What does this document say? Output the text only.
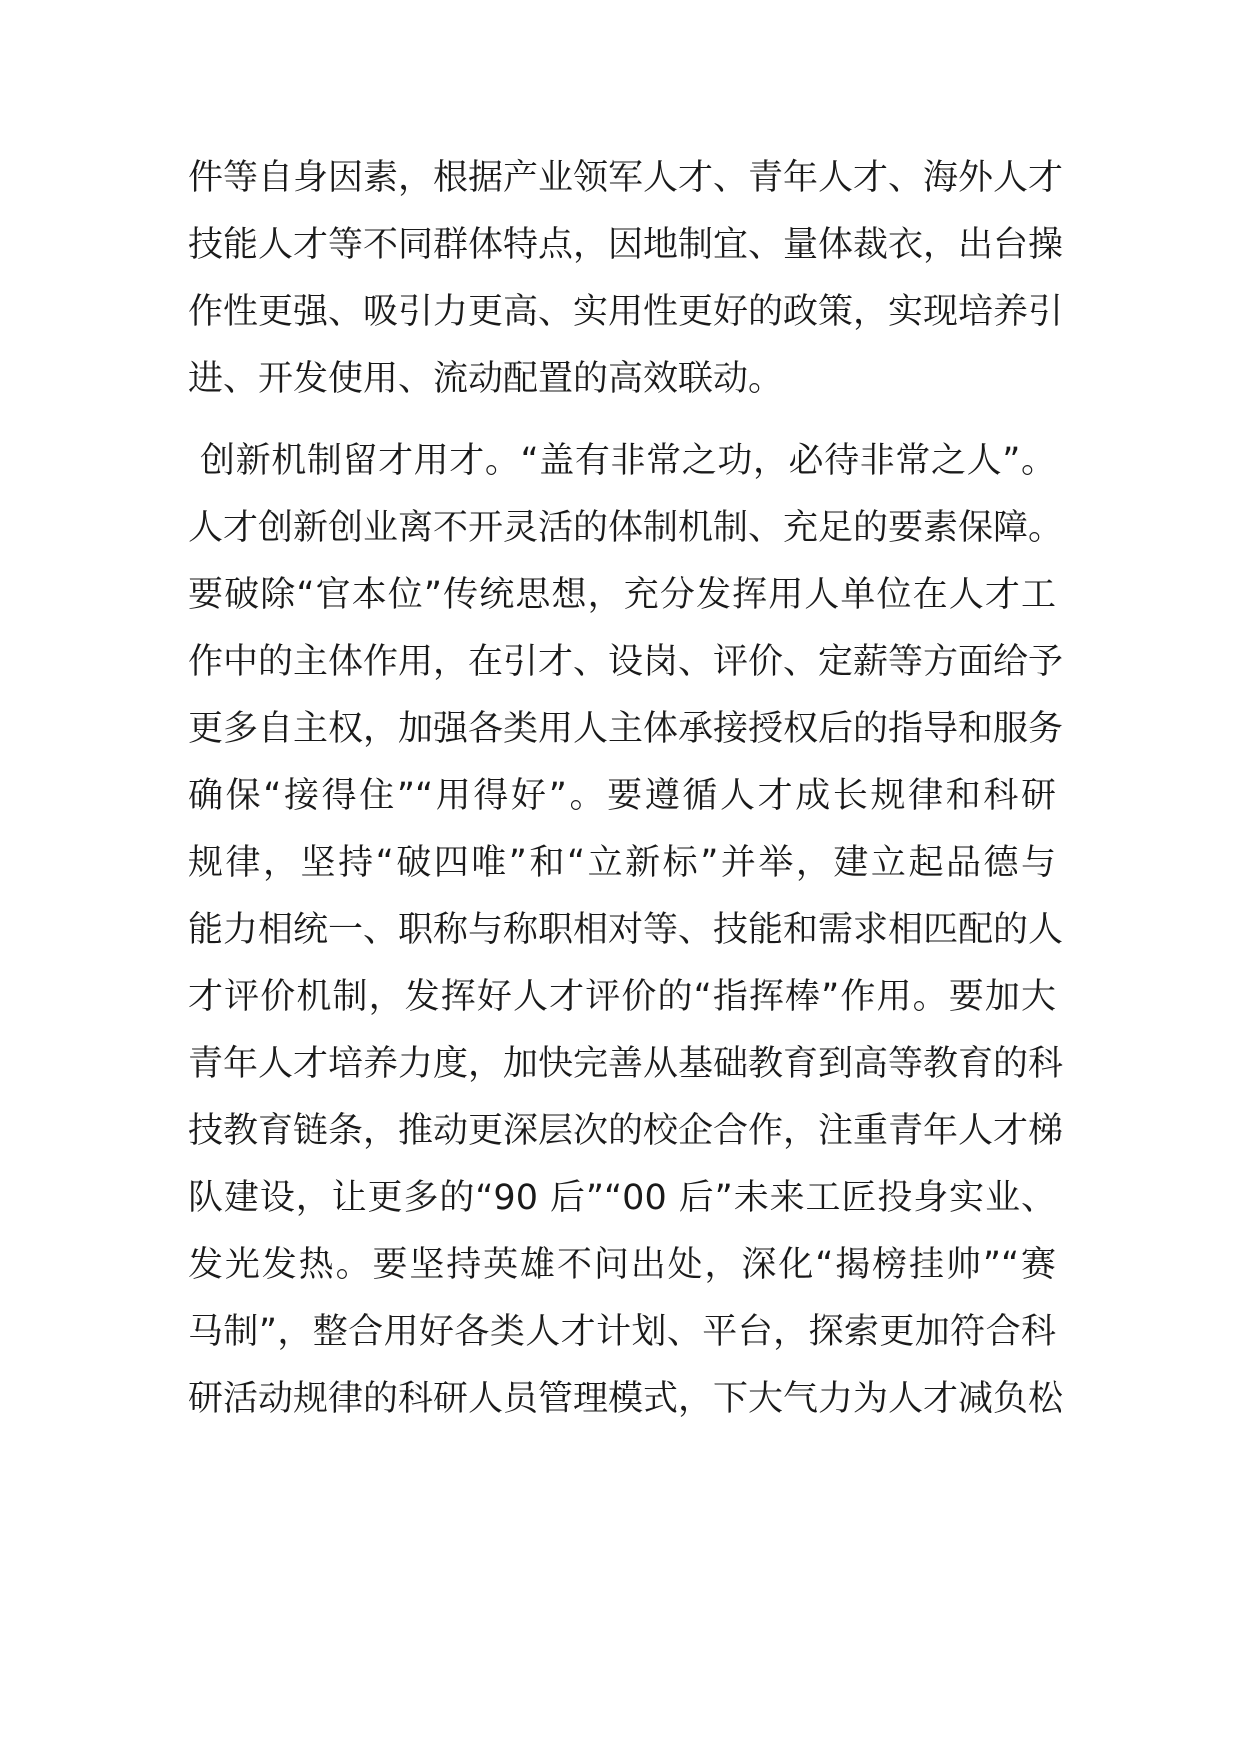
件等自身因素，根据产业领军人才、青年人才、海外人才
技能人才等不同群体特点，因地制宜、量体裁衣，出台操
作性更强、吸引力更高、实用性更好的政策，实现培养引
进、开发使用、流动配置的高效联动。
创新机制留才用才。“盖有非常之功，必待非常之人”。
人才创新创业离不开灵活的体制机制、充足的要素保障。
要破除“官本位”传统思想，充分发挥用人单位在人才工
作中的主体作用，在引才、设岗、评价、定薪等方面给予
更多自主权，加强各类用人主体承接授权后的指导和服务
确保“接得住”“用得好”。要遵循人才成长规律和科研
规律，坚持“破四唯”和“立新标”并举，建立起品德与
能力相统一、职称与称职相对等、技能和需求相匹配的人
才评价机制，发挥好人才评价的“指挥棒”作用。要加大
青年人才培养力度，加快完善从基础教育到高等教育的科
技教育链条，推动更深层次的校企合作，注重青年人才梯
队建设，让更多的“90 后”“00 后”未来工匠投身实业、
发光发热。要坚持英雄不问出处，深化“揭榜挂帅”“赛
马制”，整合用好各类人才计划、平台，探索更加符合科
研活动规律的科研人员管理模式，下大气力为人才减负松
